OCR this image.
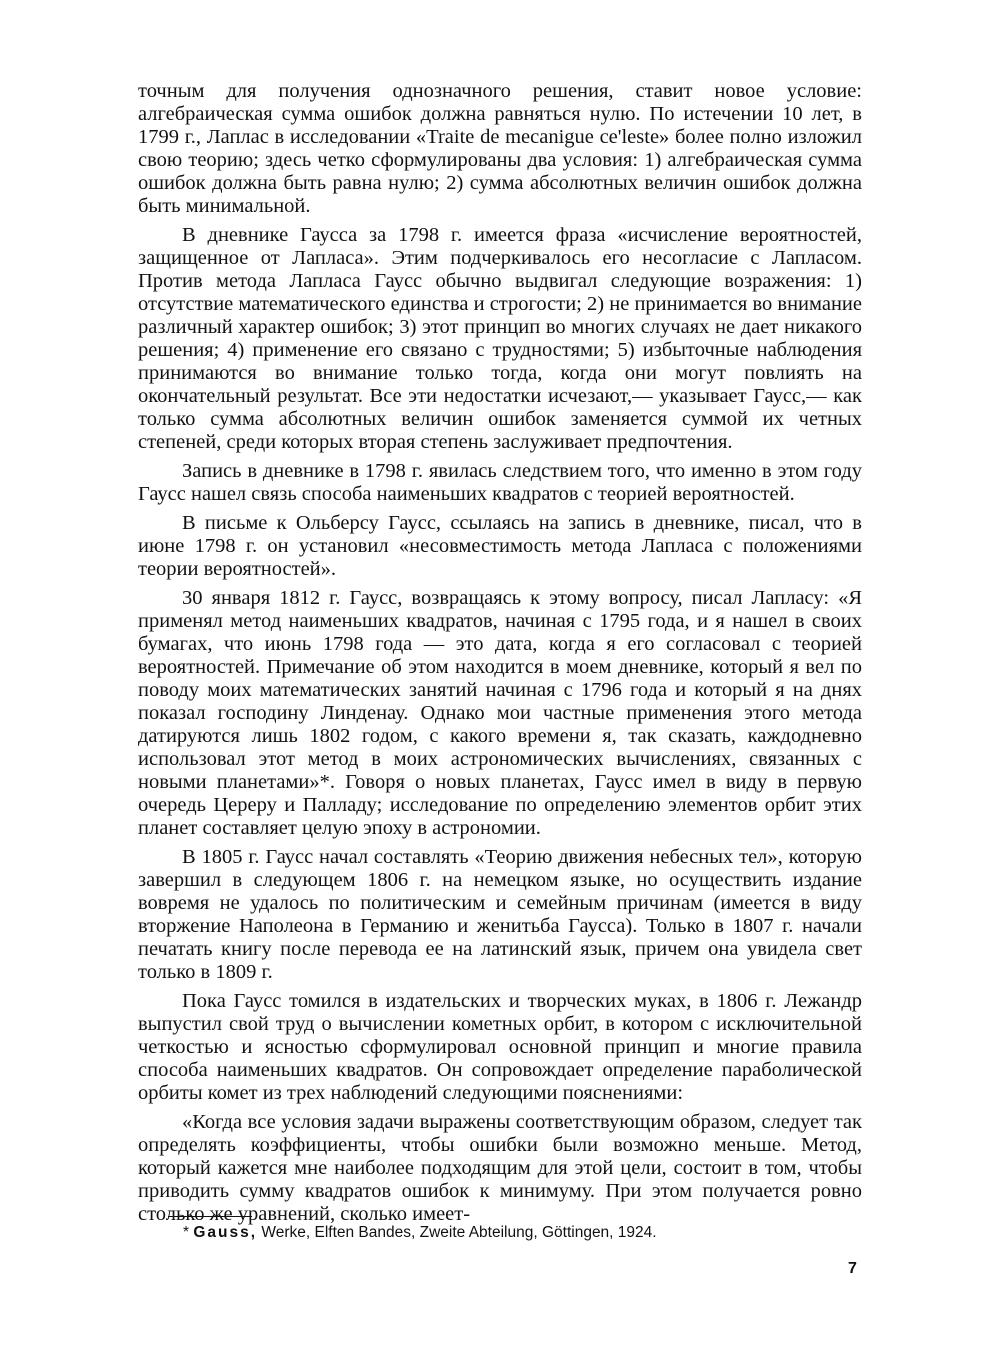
точным для получения однозначного решения, ставит новое условие: алгебраическая сумма ошибок должна равняться нулю. По истечении 10 лет, в 1799 г., Лаплас в исследовании «Traite de mecanigue ce'leste» более полно изложил свою теорию; здесь четко сформулированы два условия: 1) алгебраическая сумма ошибок должна быть равна нулю; 2) сумма абсолютных величин ошибок должна быть минимальной.

В дневнике Гаусса за 1798 г. имеется фраза «исчисление вероятностей, защищенное от Лапласа». Этим подчеркивалось его несогласие с Лапласом. Против метода Лапласа Гаусс обычно выдвигал следующие возражения: 1) отсутствие математического единства и строгости; 2) не принимается во внимание различный характер ошибок; 3) этот принцип во многих случаях не дает никакого решения; 4) применение его связано с трудностями; 5) избыточные наблюдения принимаются во внимание только тогда, когда они могут повлиять на окончательный результат. Все эти недостатки исчезают,— указывает Гаусс,— как только сумма абсолютных величин ошибок заменяется суммой их четных степеней, среди которых вторая степень заслуживает предпочтения.

Запись в дневнике в 1798 г. явилась следствием того, что именно в этом году Гаусс нашел связь способа наименьших квадратов с теорией вероятностей.

В письме к Ольберсу Гаусс, ссылаясь на запись в дневнике, писал, что в июне 1798 г. он установил «несовместимость метода Лапласа с положениями теории вероятностей».

30 января 1812 г. Гаусс, возвращаясь к этому вопросу, писал Лапласу: «Я применял метод наименьших квадратов, начиная с 1795 года, и я нашел в своих бумагах, что июнь 1798 года — это дата, когда я его согласовал с теорией вероятностей. Примечание об этом находится в моем дневнике, который я вел по поводу моих математических занятий начиная с 1796 года и который я на днях показал господину Линденау. Однако мои частные применения этого метода датируются лишь 1802 годом, с какого времени я, так сказать, каждодневно использовал этот метод в моих астрономических вычислениях, связанных с новыми планетами»*. Говоря о новых планетах, Гаусс имел в виду в первую очередь Цереру и Палладу; исследование по определению элементов орбит этих планет составляет целую эпоху в астрономии.

В 1805 г. Гаусс начал составлять «Теорию движения небесных тел», которую завершил в следующем 1806 г. на немецком языке, но осуществить издание вовремя не удалось по политическим и семейным причинам (имеется в виду вторжение Наполеона в Германию и женитьба Гаусса). Только в 1807 г. начали печатать книгу после перевода ее на латинский язык, причем она увидела свет только в 1809 г.

Пока Гаусс томился в издательских и творческих муках, в 1806 г. Лежандр выпустил свой труд о вычислении кометных орбит, в котором с исключительной четкостью и ясностью сформулировал основной принцип и многие правила способа наименьших квадратов. Он сопровождает определение параболической орбиты комет из трех наблюдений следующими пояснениями:

«Когда все условия задачи выражены соответствующим образом, следует так определять коэффициенты, чтобы ошибки были возможно меньше. Метод, который кажется мне наиболее подходящим для этой цели, состоит в том, чтобы приводить сумму квадратов ошибок к минимуму. При этом получается ровно столько же уравнений, сколько имеет-

* Gauss, Werke, Elften Bandes, Zweite Abteilung, Göttingen, 1924.
7
